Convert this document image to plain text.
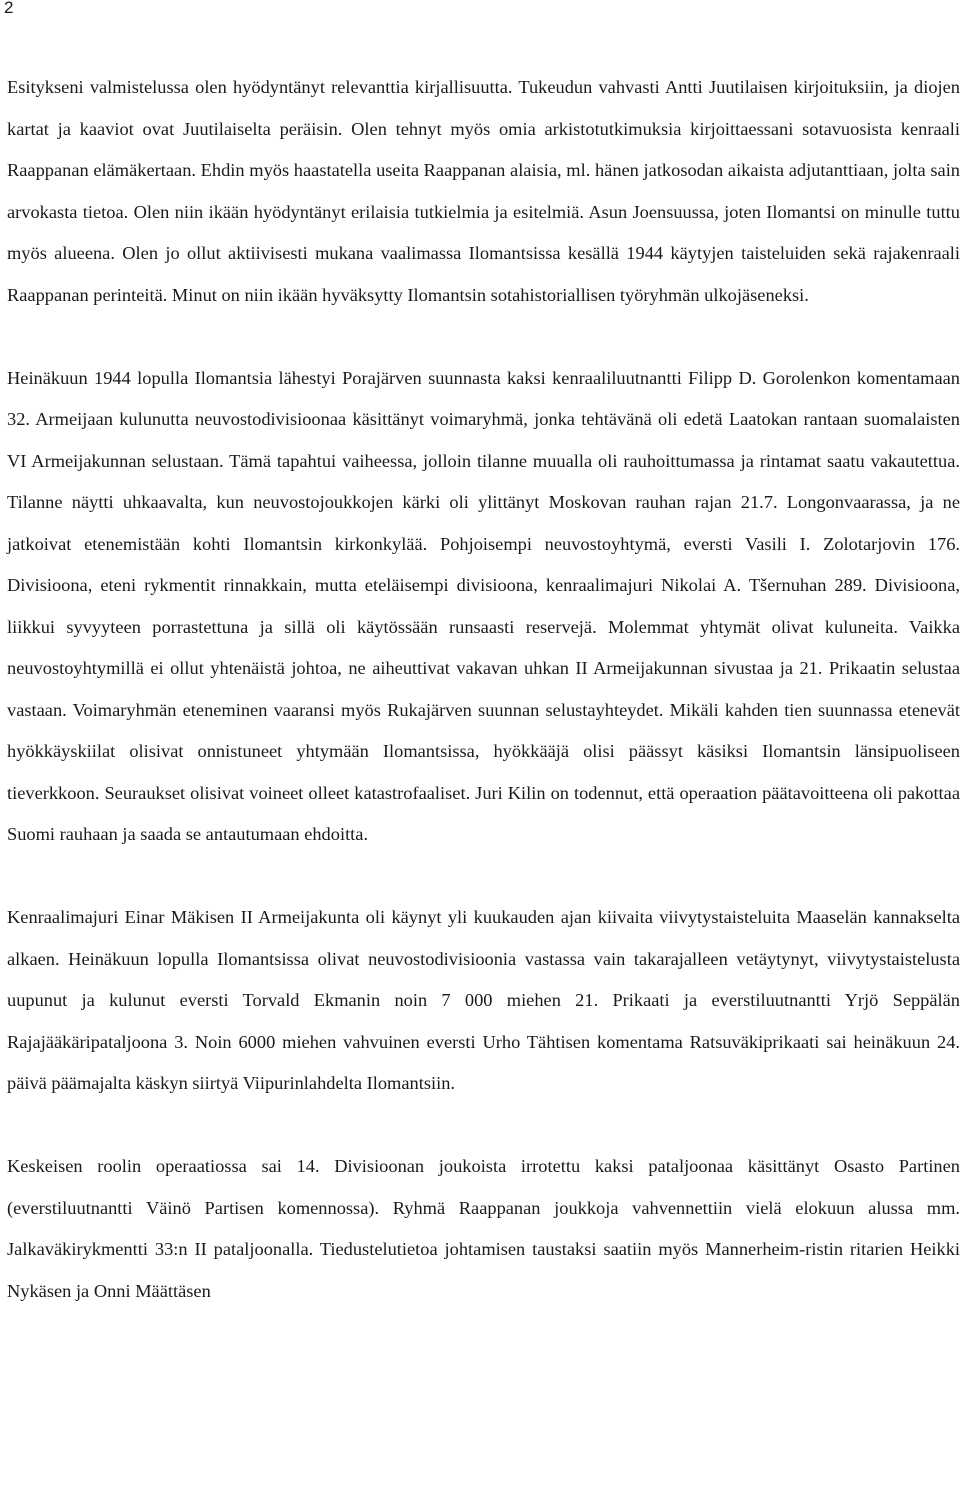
2

Esitykseni valmistelussa olen hyödyntänyt relevanttia kirjallisuutta. Tukeudun vahvasti Antti Juutilaisen kirjoituksiin, ja diojen kartat ja kaaviot ovat Juutilaiselta peräisin. Olen tehnyt myös omia arkistotutkimuksia kirjoittaessani sotavuosista kenraali Raappanan elämäkertaan. Ehdin myös haastatella useita Raappanan alaisia, ml. hänen jatkosodan aikaista adjutanttiaan, jolta sain arvokasta tietoa. Olen niin ikään hyödyntänyt erilaisia tutkielmia ja esitelmiä. Asun Joensuussa, joten Ilomantsi on minulle tuttu myös alueena. Olen jo ollut aktiivisesti mukana vaalimassa Ilomantsissa kesällä 1944 käytyjen taisteluiden sekä rajakenraali Raappanan perinteitä. Minut on niin ikään hyväksytty Ilomantsin sotahistoriallisen työryhmän ulkojäseneksi.

Heinäkuun 1944 lopulla Ilomantsia lähestyi Porajärven suunnasta kaksi kenraaliluutnantti Filipp D. Gorolenkon komentamaan 32. Armeijaan kulunutta neuvostodivisioonaa käsittänyt voimaryhmä, jonka tehtävänä oli edetä Laatokan rantaan suomalaisten VI Armeijakunnan selustaan. Tämä tapahtui vaiheessa, jolloin tilanne muualla oli rauhoittumassa ja rintamat saatu vakautettua. Tilanne näytti uhkaavalta, kun neuvostojoukkojen kärki oli ylittänyt Moskovan rauhan rajan 21.7. Longonvaarassa, ja ne jatkoivat etenemistään kohti Ilomantsin kirkonkylää. Pohjoisempi neuvostoyhtymä, eversti Vasili I. Zolotarjovin 176. Divisioona, eteni rykmentit rinnakkain, mutta eteläisempi divisioona, kenraalimajuri Nikolai A. Tšernuhan 289. Divisioona, liikkui syvyyteen porrastettuna ja sillä oli käytössään runsaasti reservejä. Molemmat yhtymät olivat kuluneita. Vaikka neuvostoyhtymillä ei ollut yhtenäistä johtoa, ne aiheuttivat vakavan uhkan II Armeijakunnan sivustaa ja 21. Prikaatin selustaa vastaan. Voimaryhmän eteneminen vaaransi myös Rukajärven suunnan selustayhteydet. Mikäli kahden tien suunnassa etenevät hyökkäyskiilat olisivat onnistuneet yhtymään Ilomantsissa, hyökkääjä olisi päässyt käsiksi Ilomantsin länsipuoliseen tieverkkoon. Seuraukset olisivat voineet olleet katastrofaaliset. Juri Kilin on todennut, että operaation päätavoitteena oli pakottaa Suomi rauhaan ja saada se antautumaan ehdoitta.

Kenraalimajuri Einar Mäkisen II Armeijakunta oli käynyt yli kuukauden ajan kiivaita viivytystaisteluita Maaselän kannakselta alkaen. Heinäkuun lopulla Ilomantsissa olivat neuvostodivisioonia vastassa vain takarajalleen vetäytynyt, viivytystaistelusta uupunut ja kulunut eversti Torvald Ekmanin noin 7 000 miehen 21. Prikaati ja everstiluutnantti Yrjö Seppälän Rajajääkäripataljoona 3. Noin 6000 miehen vahvuinen eversti Urho Tähtisen komentama Ratsuväkiprikaati sai heinäkuun 24. päivä päämajalta käskyn siirtyä Viipurinlahdelta Ilomantsiin.

Keskeisen roolin operaatiossa sai 14. Divisioonan joukoista irrotettu kaksi pataljoonaa käsittänyt Osasto Partinen (everstiluutnantti Väinö Partisen komennossa). Ryhmä Raappanan joukkoja vahvennettiin vielä elokuun alussa mm. Jalkaväkirykmentti 33:n II pataljoonalla. Tiedustelutietoa johtamisen taustaksi saatiin myös Mannerheim-ristin ritarien Heikki Nykäsen ja Onni Määttäsen
